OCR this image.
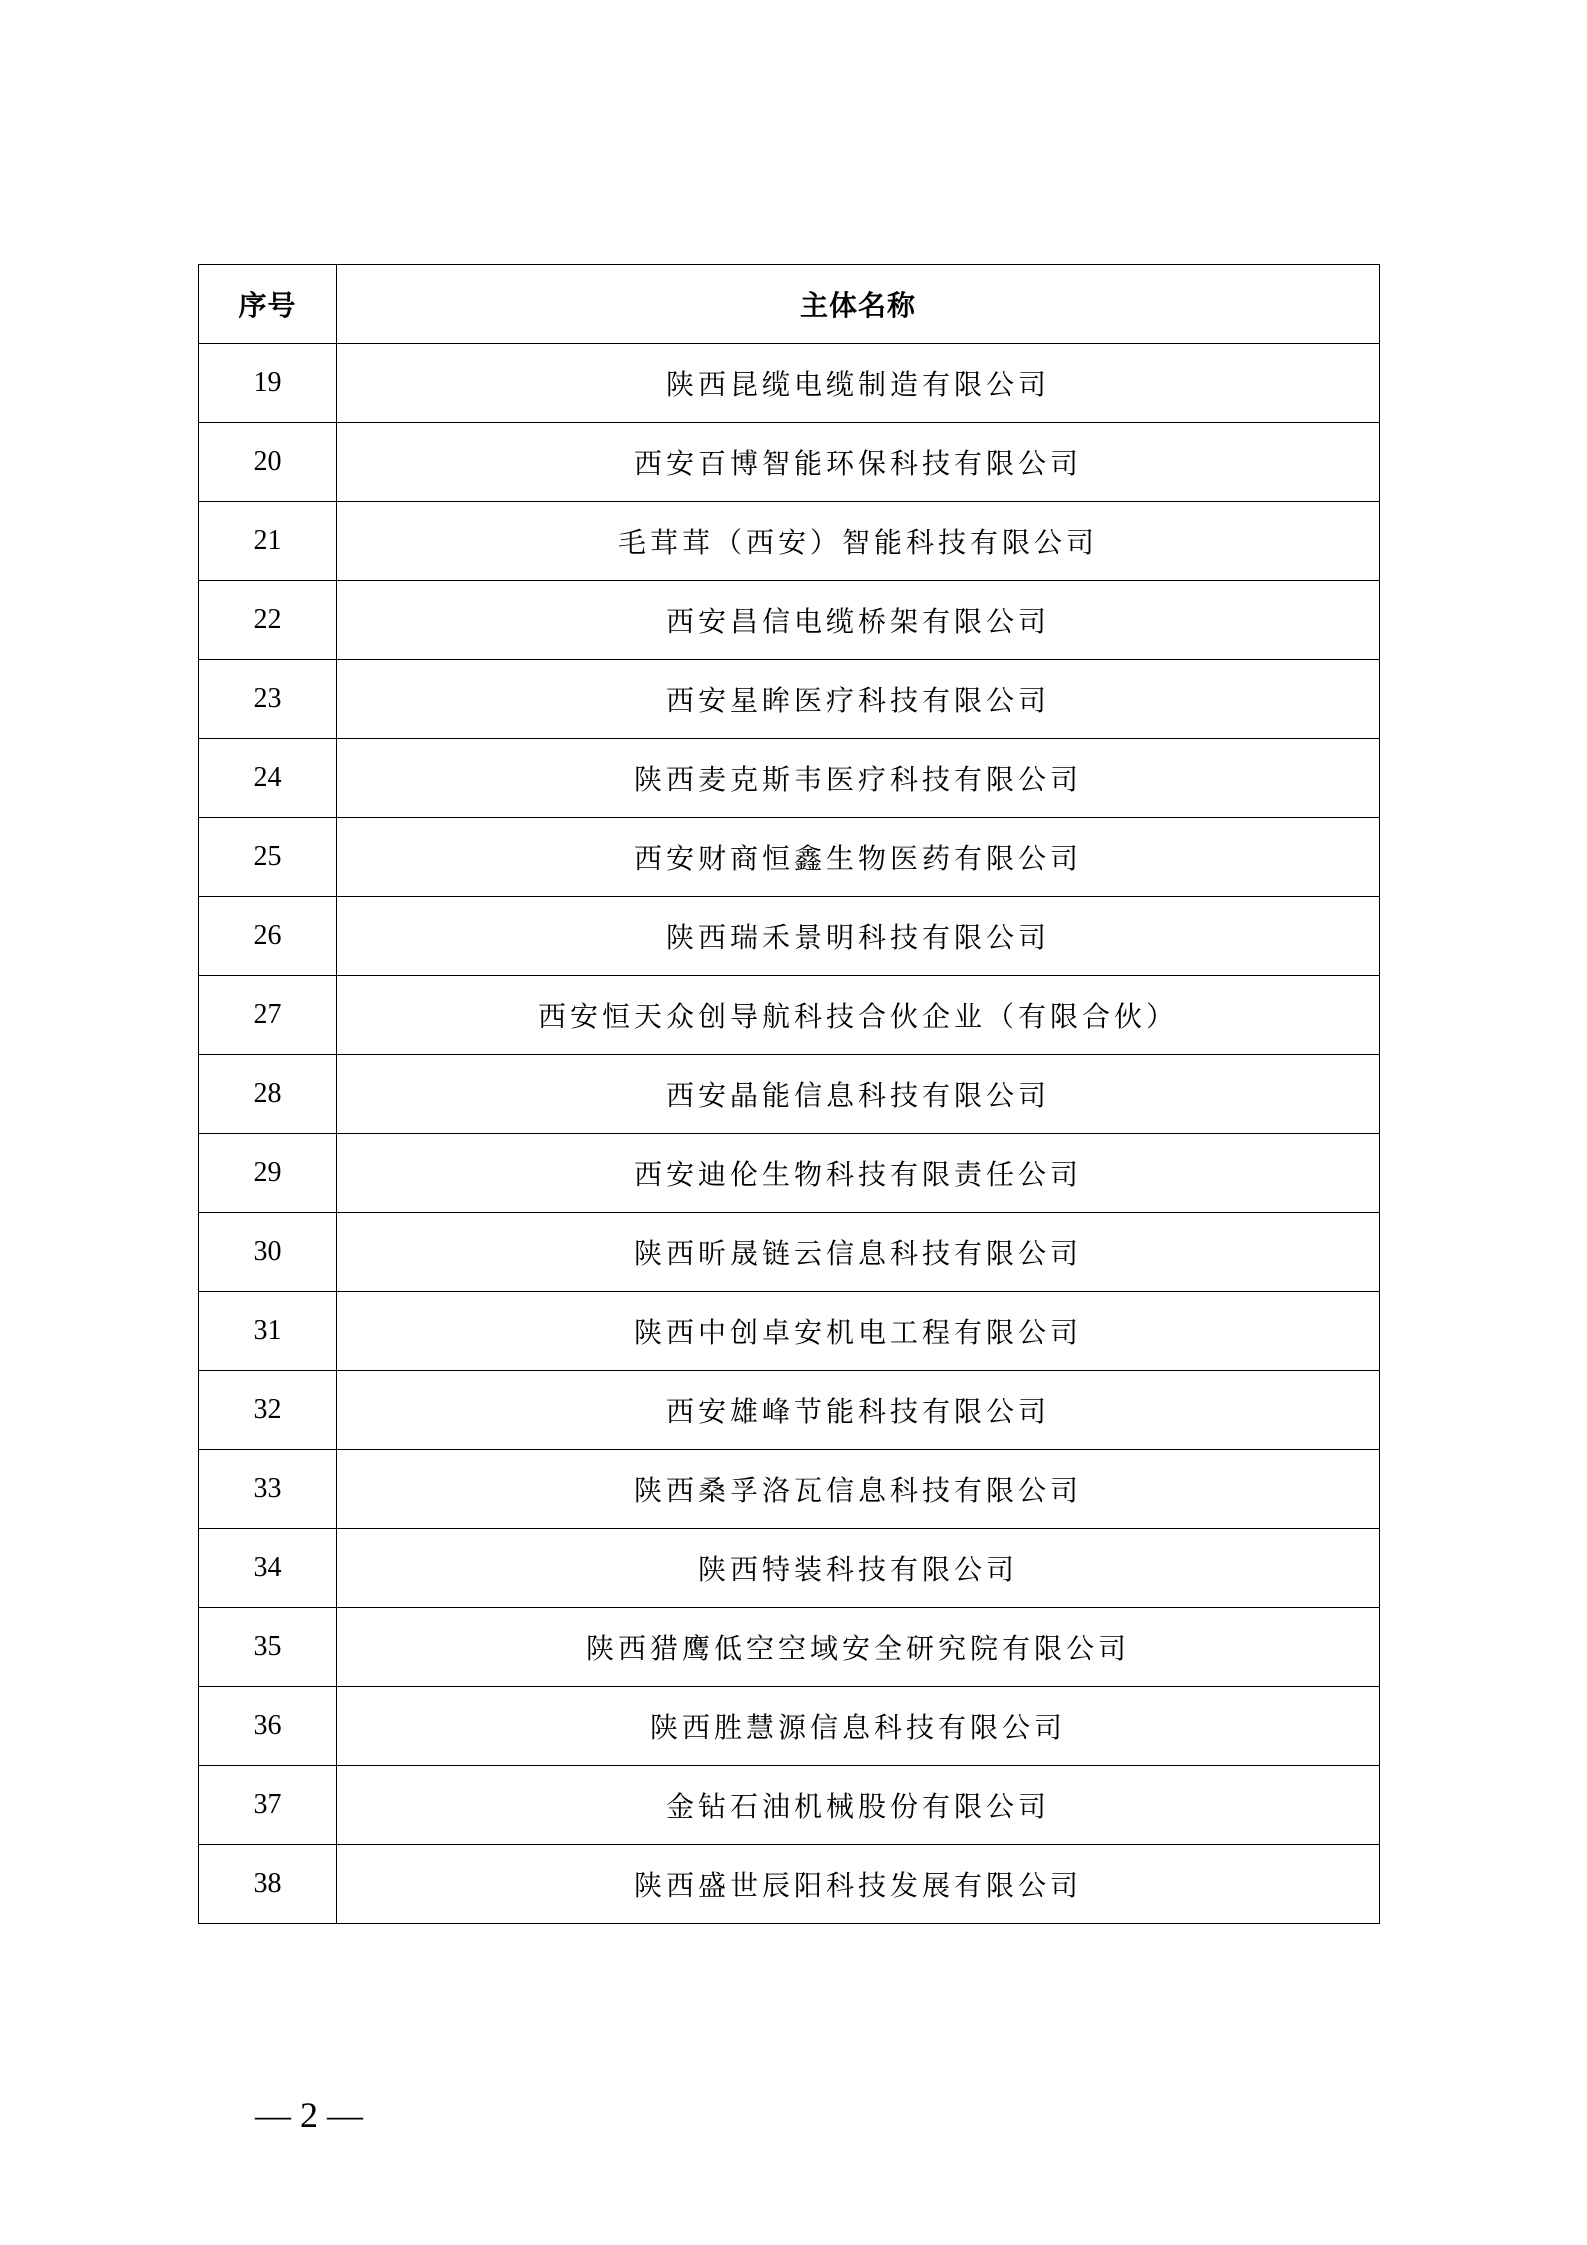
序号	主体名称
19	陕西昆缆电缆制造有限公司
20	西安百博智能环保科技有限公司
21	毛茸茸（西安）智能科技有限公司
22	西安昌信电缆桥架有限公司
23	西安星眸医疗科技有限公司
24	陕西麦克斯韦医疗科技有限公司
25	西安财商恒鑫生物医药有限公司
26	陕西瑞禾景明科技有限公司
27	西安恒天众创导航科技合伙企业（有限合伙）
28	西安晶能信息科技有限公司
29	西安迪伦生物科技有限责任公司
30	陕西昕晟链云信息科技有限公司
31	陕西中创卓安机电工程有限公司
32	西安雄峰节能科技有限公司
33	陕西桑孚洛瓦信息科技有限公司
34	陕西特装科技有限公司
35	陕西猎鹰低空空域安全研究院有限公司
36	陕西胜慧源信息科技有限公司
37	金钻石油机械股份有限公司
38	陕西盛世辰阳科技发展有限公司
— 2 —
